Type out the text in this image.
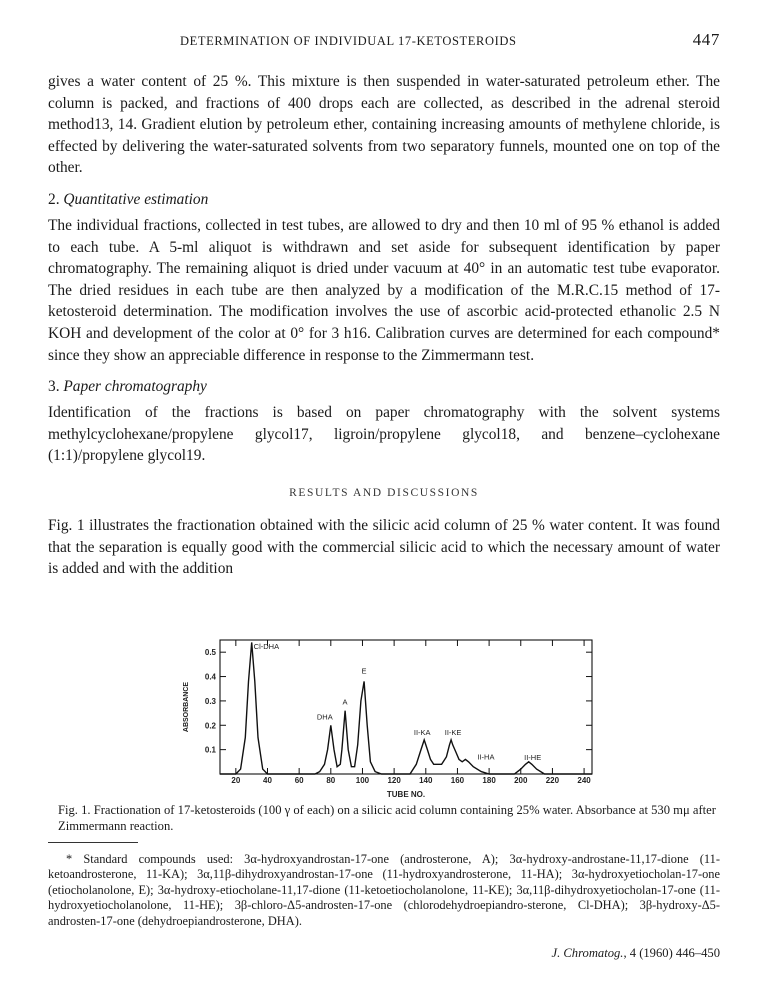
DETERMINATION OF INDIVIDUAL 17-KETOSTEROIDS	447

gives a water content of 25 %. This mixture is then suspended in water-saturated petroleum ether. The column is packed, and fractions of 400 drops each are collected, as described in the adrenal steroid method13, 14. Gradient elution by petroleum ether, containing increasing amounts of methylene chloride, is effected by delivering the water-saturated solvents from two separatory funnels, mounted one on top of the other.

2. Quantitative estimation

The individual fractions, collected in test tubes, are allowed to dry and then 10 ml of 95 % ethanol is added to each tube. A 5-ml aliquot is withdrawn and set aside for subsequent identification by paper chromatography. The remaining aliquot is dried under vacuum at 40° in an automatic test tube evaporator. The dried residues in each tube are then analyzed by a modification of the M.R.C.15 method of 17-ketosteroid determination. The modification involves the use of ascorbic acid-protected ethanolic 2.5 N KOH and development of the color at 0° for 3 h16. Calibration curves are determined for each compound* since they show an appreciable difference in response to the Zimmermann test.

3. Paper chromatography

Identification of the fractions is based on paper chromatography with the solvent systems methylcyclohexane/propylene glycol17, ligroin/propylene glycol18, and benzene–cyclohexane (1:1)/propylene glycol19.

RESULTS AND DISCUSSIONS

Fig. 1 illustrates the fractionation obtained with the silicic acid column of 25 % water content. It was found that the separation is equally good with the commercial silicic acid to which the necessary amount of water is added and with the addition

20	40	60	80	100 120 140 160 180 200 220 240
0.1
0.2
0.3
0.4
0.5
Cl-DHA
DHA
A
E
II-KA II-KE
II-HA	II-HE
TUBE NO.
ABSORBANCE

Fig. 1. Fractionation of 17-ketosteroids (100 γ of each) on a silicic acid column containing 25% water. Absorbance at 530 mμ after Zimmermann reaction.

* Standard compounds used: 3α-hydroxyandrostan-17-one (androsterone, A); 3α-hydroxy-androstane-11,17-dione (11-ketoandrosterone, 11-KA); 3α,11β-dihydroxyandrostan-17-one (11-hydroxyandrosterone, 11-HA); 3α-hydroxyetiocholan-17-one (etiocholanolone, E); 3α-hydroxy-etiocholane-11,17-dione (11-ketoetiocholanolone, 11-KE); 3α,11β-dihydroxyetiocholan-17-one (11-hydroxyetiocholanolone, 11-HE); 3β-chloro-Δ5-androsten-17-one (chlorodehydroepiandro-sterone, Cl-DHA); 3β-hydroxy-Δ5-androsten-17-one (dehydroepiandrosterone, DHA).

J. Chromatog., 4 (1960) 446–450
